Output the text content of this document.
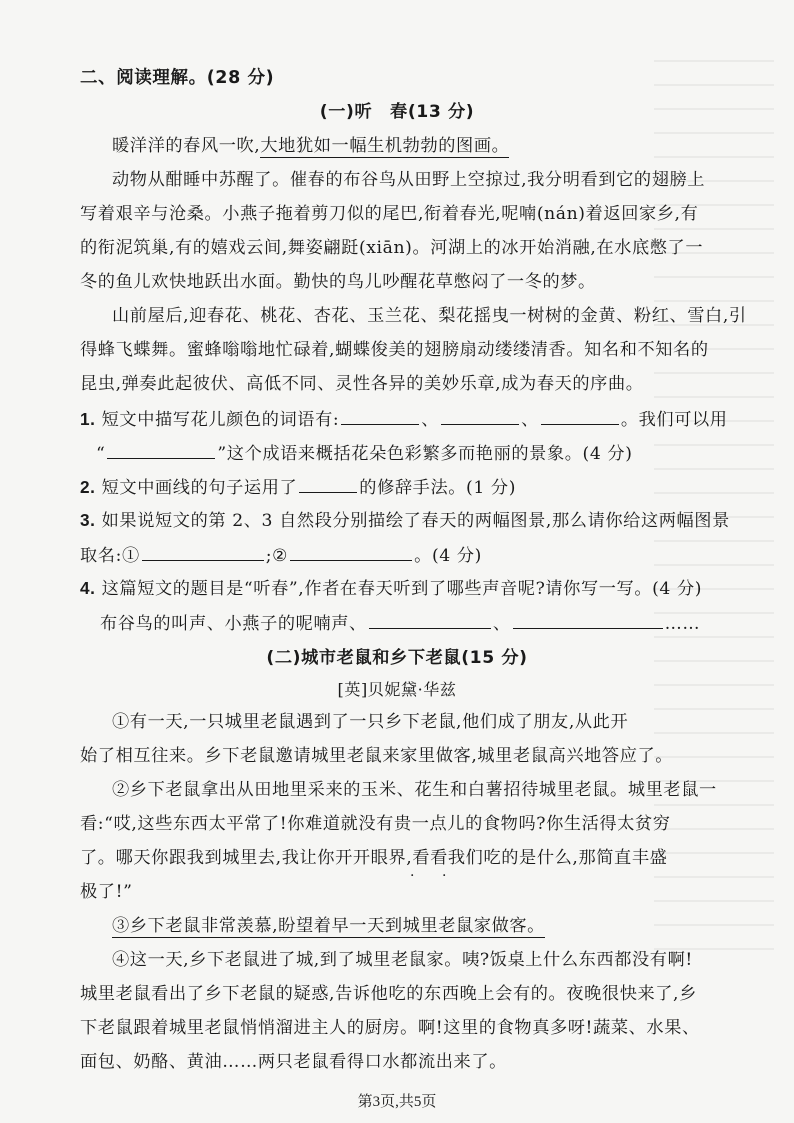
二、阅读理解。(28 分)
(一)听　春(13 分)
暖洋洋的春风一吹,大地犹如一幅生机勃勃的图画。
动物从酣睡中苏醒了。催春的布谷鸟从田野上空掠过,我分明看到它的翅膀上
写着艰辛与沧桑。小燕子拖着剪刀似的尾巴,衔着春光,呢喃(nán)着返回家乡,有
的衔泥筑巢,有的嬉戏云间,舞姿翩跹(xiān)。河湖上的冰开始消融,在水底憋了一
冬的鱼儿欢快地跃出水面。勤快的鸟儿吵醒花草憋闷了一冬的梦。
山前屋后,迎春花、桃花、杏花、玉兰花、梨花摇曳一树树的金黄、粉红、雪白,引
得蜂飞蝶舞。蜜蜂嗡嗡地忙碌着,蝴蝶俊美的翅膀扇动缕缕清香。知名和不知名的
昆虫,弹奏此起彼伏、高低不同、灵性各异的美妙乐章,成为春天的序曲。
1. 短文中描写花儿颜色的词语有:	、	、	。我们可以用
“	”这个成语来概括花朵色彩繁多而艳丽的景象。(4 分)
2. 短文中画线的句子运用了	的修辞手法。(1 分)
3. 如果说短文的第 2、3 自然段分别描绘了春天的两幅图景,那么请你给这两幅图景
取名:①	;②	。(4 分)
4. 这篇短文的题目是“听春”,作者在春天听到了哪些声音呢?请你写一写。(4 分)
布谷鸟的叫声、小燕子的呢喃声、	、	……
(二)城市老鼠和乡下老鼠(15 分)
[英]贝妮黛·华兹
①有一天,一只城里老鼠遇到了一只乡下老鼠,他们成了朋友,从此开
始了相互往来。乡下老鼠邀请城里老鼠来家里做客,城里老鼠高兴地答应了。
②乡下老鼠拿出从田地里采来的玉米、花生和白薯招待城里老鼠。城里老鼠一
看:“哎,这些东西太平常了!你难道就没有贵一点儿的食物吗?你生活得太贫穷
了。哪天你跟我到城里去,我让你开开眼界,看看我们吃的是什么,那简直丰盛
· ·
极了!”
③乡下老鼠非常羡慕,盼望着早一天到城里老鼠家做客。
④这一天,乡下老鼠进了城,到了城里老鼠家。咦?饭桌上什么东西都没有啊!
城里老鼠看出了乡下老鼠的疑惑,告诉他吃的东西晚上会有的。夜晚很快来了,乡
下老鼠跟着城里老鼠悄悄溜进主人的厨房。啊!这里的食物真多呀!蔬菜、水果、
面包、奶酪、黄油……两只老鼠看得口水都流出来了。
第3页,共5页
